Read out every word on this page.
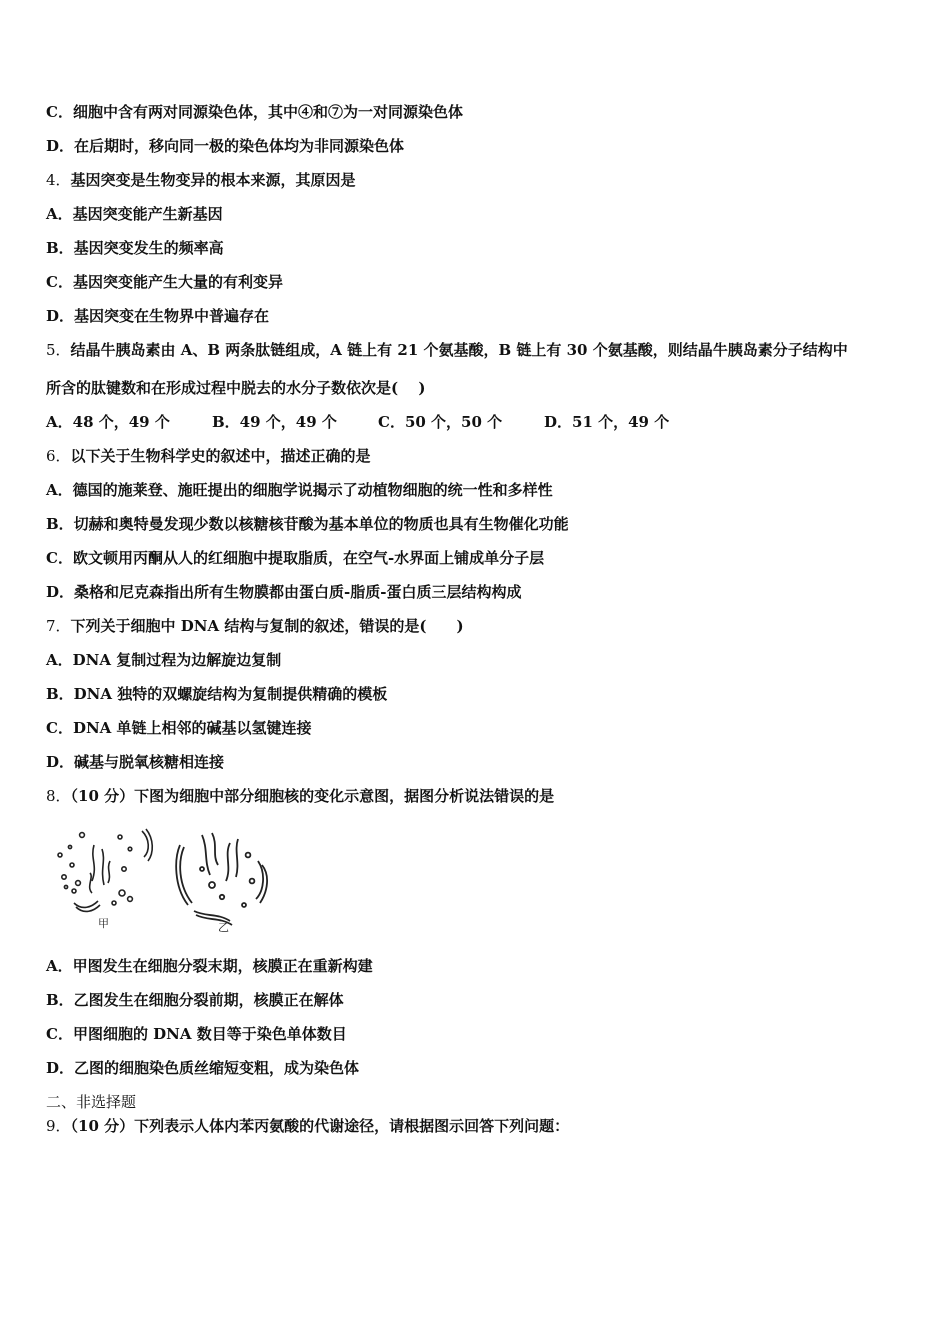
C．细胞中含有两对同源染色体，其中④和⑦为一对同源染色体
D．在后期时，移向同一极的染色体均为非同源染色体
4．基因突变是生物变异的根本来源，其原因是
A．基因突变能产生新基因
B．基因突变发生的频率高
C．基因突变能产生大量的有利变异
D．基因突变在生物界中普遍存在
5．结晶牛胰岛素由 A、B 两条肽链组成，A 链上有 21 个氨基酸，B 链上有 30 个氨基酸，则结晶牛胰岛素分子结构中
所含的肽键数和在形成过程中脱去的水分子数依次是(　 )
A．48 个，49 个	B．49 个，49 个	C．50 个，50 个	D．51 个，49 个
6．以下关于生物科学史的叙述中，描述正确的是
A．德国的施莱登、施旺提出的细胞学说揭示了动植物细胞的统一性和多样性
B．切赫和奥特曼发现少数以核糖核苷酸为基本单位的物质也具有生物催化功能
C．欧文顿用丙酮从人的红细胞中提取脂质，在空气-水界面上铺成单分子层
D．桑格和尼克森指出所有生物膜都由蛋白质-脂质-蛋白质三层结构构成
7．下列关于细胞中 DNA 结构与复制的叙述，错误的是(　　)
A．DNA 复制过程为边解旋边复制
B．DNA 独特的双螺旋结构为复制提供精确的模板
C．DNA 单链上相邻的碱基以氢键连接
D．碱基与脱氧核糖相连接
8．（10 分）下图为细胞中部分细胞核的变化示意图，据图分析说法错误的是
甲	乙
A．甲图发生在细胞分裂末期，核膜正在重新构建
B．乙图发生在细胞分裂前期，核膜正在解体
C．甲图细胞的 DNA 数目等于染色单体数目
D．乙图的细胞染色质丝缩短变粗，成为染色体
二、非选择题
9．（10 分）下列表示人体内苯丙氨酸的代谢途径，请根据图示回答下列问题：
